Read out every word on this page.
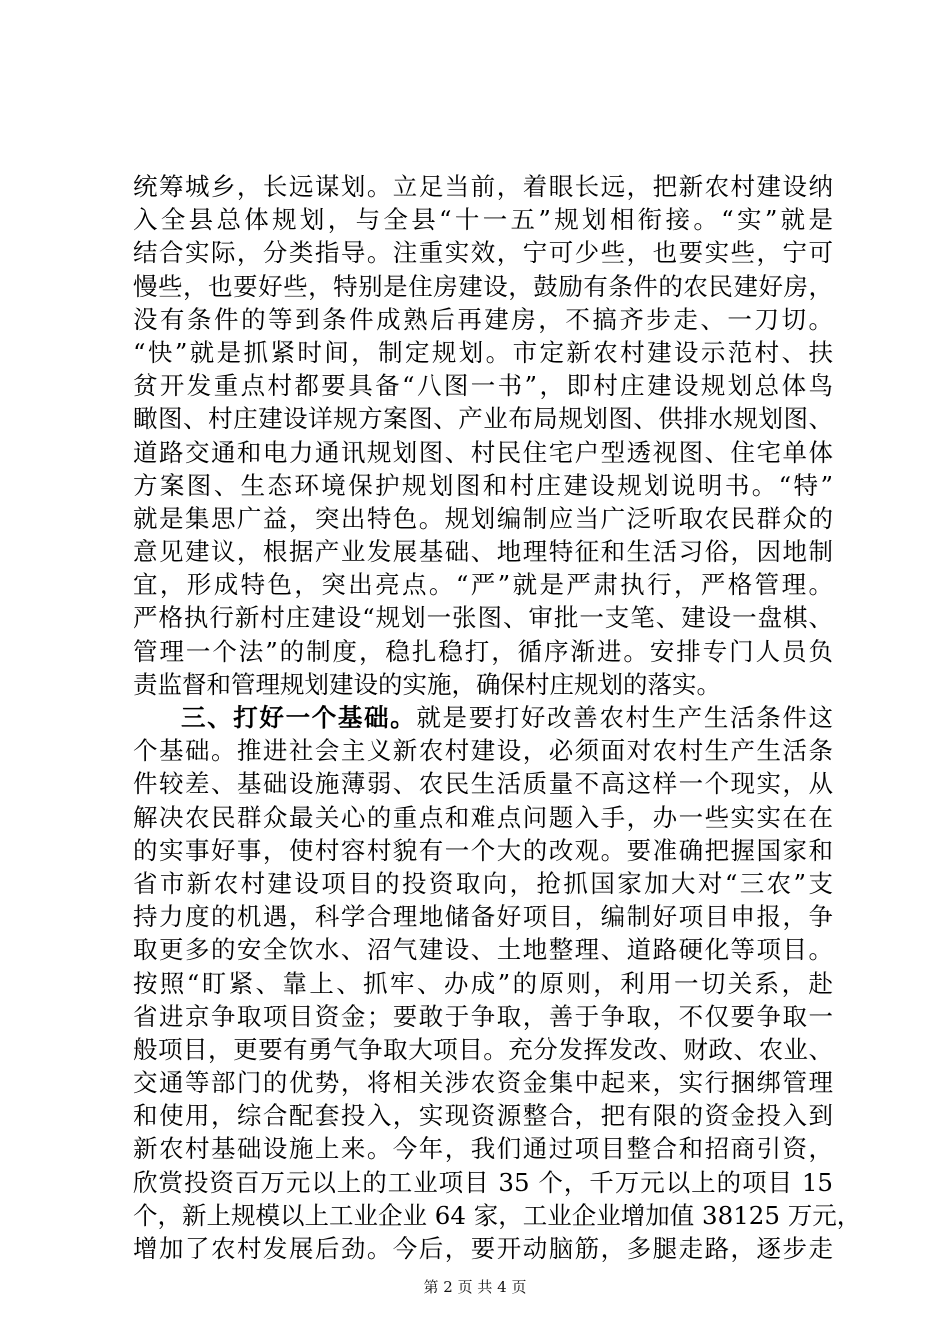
统筹城乡，长远谋划。立足当前，着眼长远，把新农村建设纳
入全县总体规划，与全县“十一五”规划相衔接。“实”就是
结合实际，分类指导。注重实效，宁可少些，也要实些，宁可
慢些，也要好些，特别是住房建设，鼓励有条件的农民建好房，
没有条件的等到条件成熟后再建房，不搞齐步走、一刀切。
“快”就是抓紧时间，制定规划。市定新农村建设示范村、扶
贫开发重点村都要具备“八图一书”，即村庄建设规划总体鸟
瞰图、村庄建设详规方案图、产业布局规划图、供排水规划图、
道路交通和电力通讯规划图、村民住宅户型透视图、住宅单体
方案图、生态环境保护规划图和村庄建设规划说明书。“特”
就是集思广益，突出特色。规划编制应当广泛听取农民群众的
意见建议，根据产业发展基础、地理特征和生活习俗，因地制
宜，形成特色，突出亮点。“严”就是严肃执行，严格管理。
严格执行新村庄建设“规划一张图、审批一支笔、建设一盘棋、
管理一个法”的制度，稳扎稳打，循序渐进。安排专门人员负
责监督和管理规划建设的实施，确保村庄规划的落实。
三、打好一个基础。就是要打好改善农村生产生活条件这
个基础。推进社会主义新农村建设，必须面对农村生产生活条
件较差、基础设施薄弱、农民生活质量不高这样一个现实，从
解决农民群众最关心的重点和难点问题入手，办一些实实在在
的实事好事，使村容村貌有一个大的改观。要准确把握国家和
省市新农村建设项目的投资取向，抢抓国家加大对“三农”支
持力度的机遇，科学合理地储备好项目，编制好项目申报，争
取更多的安全饮水、沼气建设、土地整理、道路硬化等项目。
按照“盯紧、靠上、抓牢、办成”的原则，利用一切关系，赴
省进京争取项目资金；要敢于争取，善于争取，不仅要争取一
般项目，更要有勇气争取大项目。充分发挥发改、财政、农业、
交通等部门的优势，将相关涉农资金集中起来，实行捆绑管理
和使用，综合配套投入，实现资源整合，把有限的资金投入到
新农村基础设施上来。今年，我们通过项目整合和招商引资，
欣赏投资百万元以上的工业项目 35 个，千万元以上的项目 15
个，新上规模以上工业企业 64 家，工业企业增加值 38125 万元，
增加了农村发展后劲。今后，要开动脑筋，多腿走路，逐步走
第 2 页 共 4 页
